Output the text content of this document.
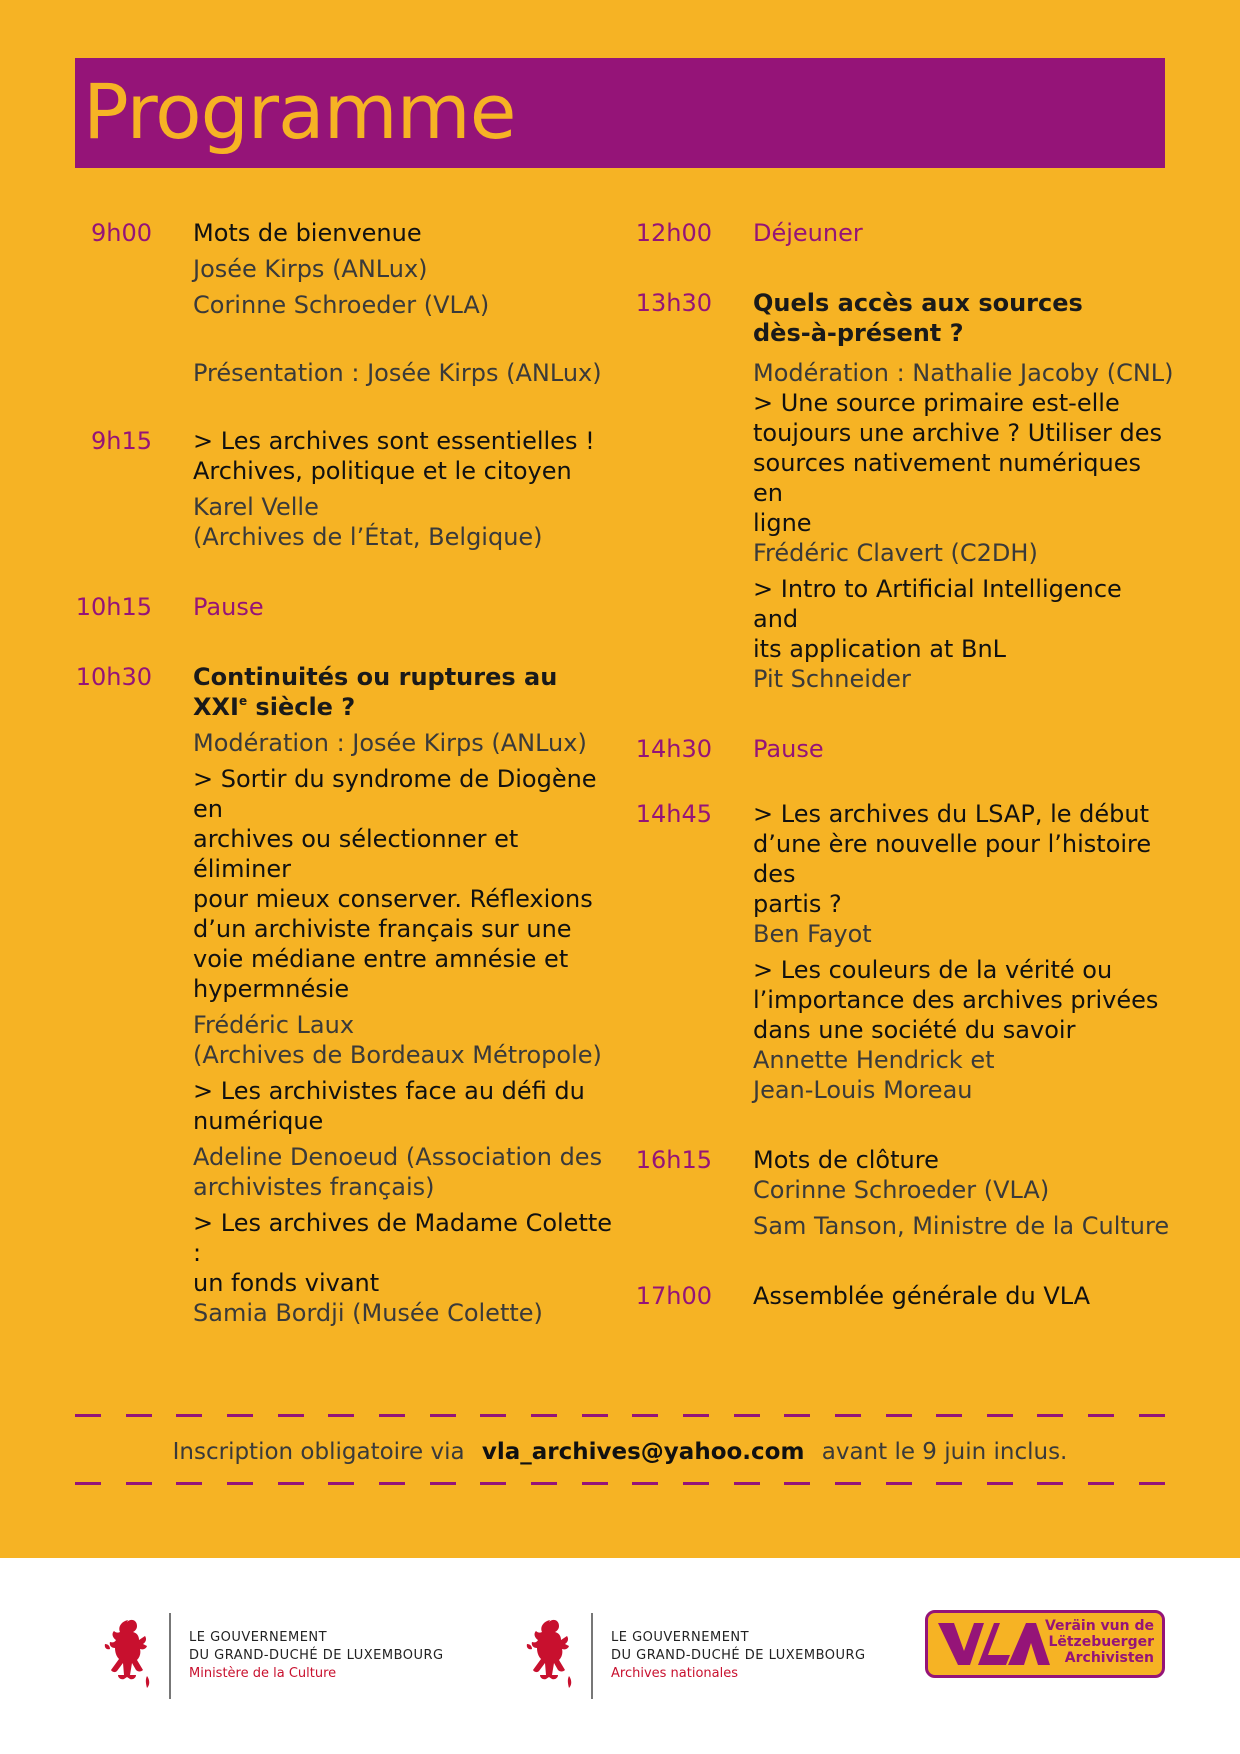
Programme
9h00 Mots de bienvenue

Josée Kirps (ANLux)

Corinne Schroeder (VLA)

Présentation : Josée Kirps (ANLux)

9h15 > Les archives sont essentielles !
Archives, politique et le citoyen

Karel Velle
(Archives de l’État, Belgique)

10h15 Pause

10h30 Continuités ou ruptures au

XXIe siècle ?

Modération : Josée Kirps (ANLux)

> Sortir du syndrome de Diogène en
archives ou sélectionner et éliminer
pour mieux conserver. Réflexions
d’un archiviste français sur une
voie médiane entre amnésie et
hypermnésie

Frédéric Laux
(Archives de Bordeaux Métropole)

> Les archivistes face au défi du
numérique

Adeline Denoeud (Association des
archivistes français)

> Les archives de Madame Colette :
un fonds vivant

Samia Bordji (Musée Colette)

12h00 Déjeuner

13h30 Quels accès aux sources
dès-à-présent ?

Modération : Nathalie Jacoby (CNL)

> Une source primaire est-elle
toujours une archive ? Utiliser des
sources nativement numériques en
ligne

Frédéric Clavert (C2DH)

> Intro to Artificial Intelligence and
its application at BnL

Pit Schneider

14h30 Pause

14h45 > Les archives du LSAP, le début
d’une ère nouvelle pour l’histoire des
partis ?

Ben Fayot

> Les couleurs de la vérité ou
l’importance des archives privées
dans une société du savoir

Annette Hendrick et
Jean-Louis Moreau

16h15 Mots de clôture

Corinne Schroeder (VLA)

Sam Tanson, Ministre de la Culture

17h00 Assemblée générale du VLA

Inscription obligatoire via vla_archives@yahoo.com avant le 9 juin inclus.
LE GOUVERNEMENT
DU GRAND-DUCHÉ DE LUXEMBOURG
Ministère de la Culture
LE GOUVERNEMENT
DU GRAND-DUCHÉ DE LUXEMBOURG
Archives nationales
Veräin vun de
Lëtzebuerger
Archivisten
